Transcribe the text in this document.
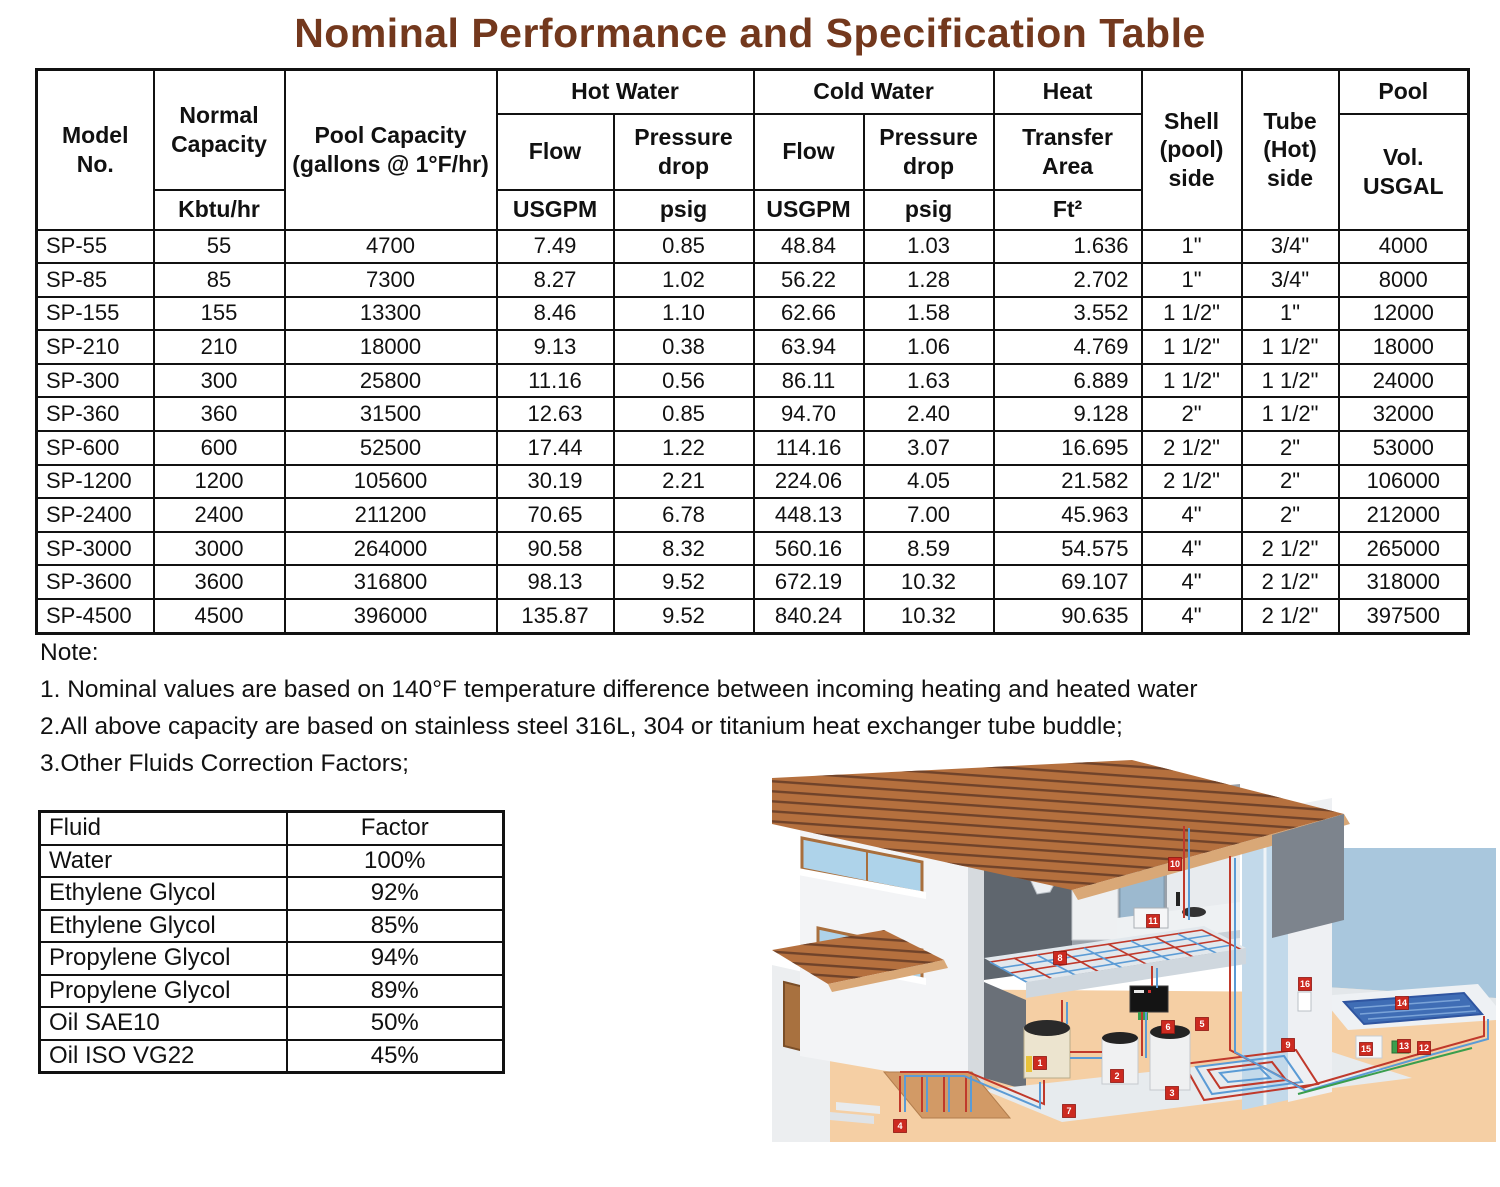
Nominal Performance and Specification Table
Model No.	Normal Capacity	Pool Capacity (gallons @ 1°F/hr)	Hot Water		Cold Water		Heat	Shell (pool) side	Tube (Hot) side	Pool
			Flow	Pressure drop	Flow	Pressure drop	Transfer Area			Vol. USGAL
	Kbtu/hr		USGPM	psig	USGPM	psig	Ft²			
SP-55	55	4700	7.49	0.85	48.84	1.03	1.636	1"	3/4"	4000
SP-85	85	7300	8.27	1.02	56.22	1.28	2.702	1"	3/4"	8000
SP-155	155	13300	8.46	1.10	62.66	1.58	3.552	1 1/2"	1"	12000
SP-210	210	18000	9.13	0.38	63.94	1.06	4.769	1 1/2"	1 1/2"	18000
SP-300	300	25800	11.16	0.56	86.11	1.63	6.889	1 1/2"	1 1/2"	24000
SP-360	360	31500	12.63	0.85	94.70	2.40	9.128	2"	1 1/2"	32000
SP-600	600	52500	17.44	1.22	114.16	3.07	16.695	2 1/2"	2"	53000
SP-1200	1200	105600	30.19	2.21	224.06	4.05	21.582	2 1/2"	2"	106000
SP-2400	2400	211200	70.65	6.78	448.13	7.00	45.963	4"	2"	212000
SP-3000	3000	264000	90.58	8.32	560.16	8.59	54.575	4"	2 1/2"	265000
SP-3600	3600	316800	98.13	9.52	672.19	10.32	69.107	4"	2 1/2"	318000
SP-4500	4500	396000	135.87	9.52	840.24	10.32	90.635	4"	2 1/2"	397500
Note:
1. Nominal values are based on 140°F temperature difference between incoming heating and heated water
2.All above capacity are based on stainless steel 316L, 304 or titanium heat exchanger tube buddle;
3.Other Fluids Correction Factors;
Fluid	Factor
Water	100%
Ethylene Glycol	92%
Ethylene Glycol	85%
Propylene Glycol	94%
Propylene Glycol	89%
Oil SAE10	50%
Oil ISO VG22	45%	1
2
3
4
5
6
7
8
9
10
11
12
13
14
15
16
